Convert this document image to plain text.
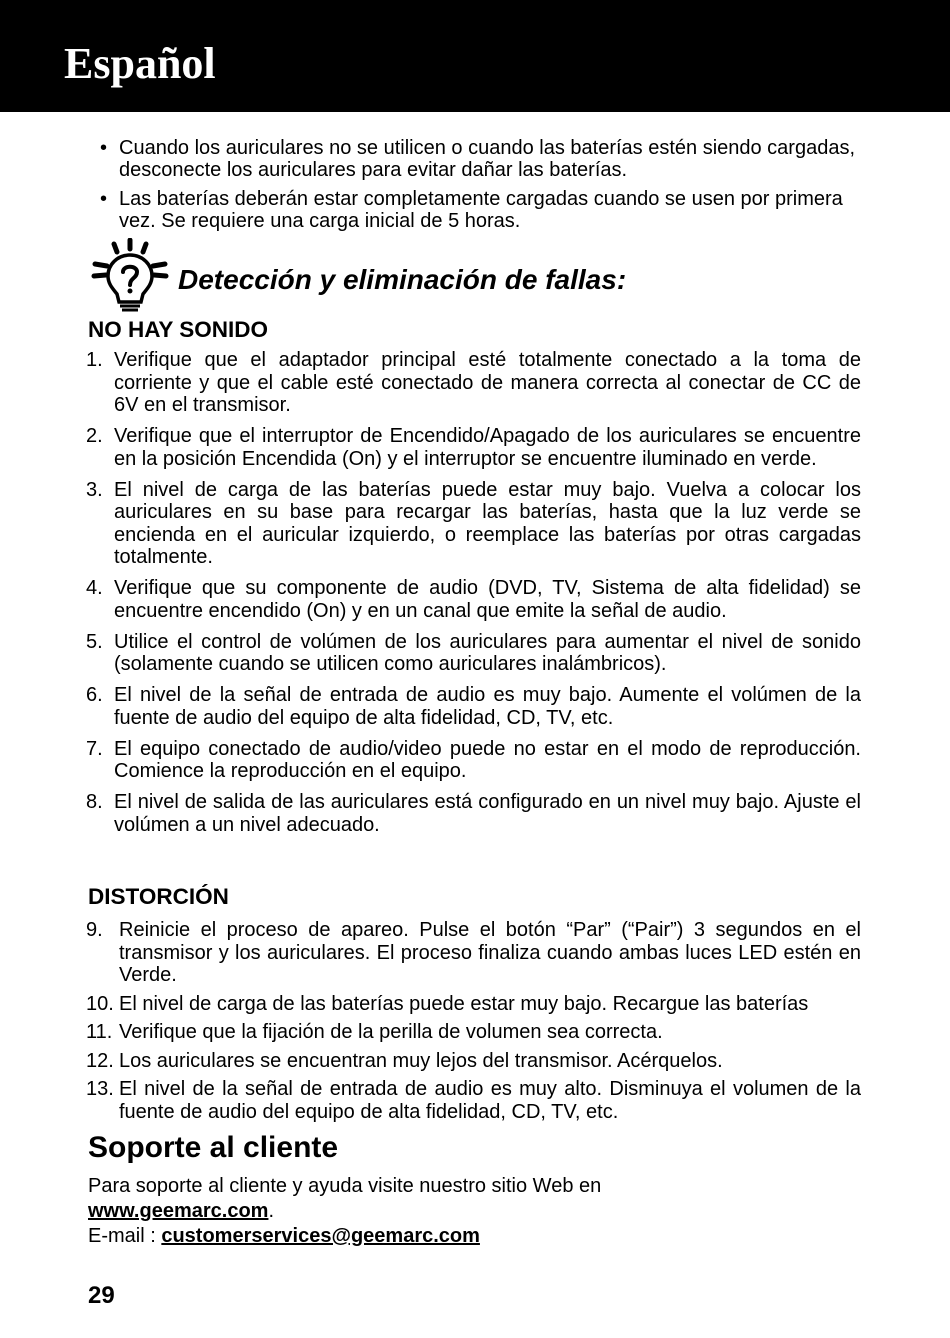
Español
• Cuando los auriculares no se utilicen o cuando las baterías estén siendo cargadas, desconecte los auriculares para evitar dañar las baterías.
• Las baterías deberán estar completamente cargadas cuando se usen por primera vez. Se requiere una carga inicial de 5 horas.
Detección y eliminación de fallas:
NO HAY SONIDO
1. Verifique que el adaptador principal esté totalmente conectado a la toma de corriente y que el cable esté conectado de manera correcta al conectar de CC de 6V en el transmisor.
2. Verifique que el interruptor de Encendido/Apagado de los auriculares se encuentre en la posición Encendida (On) y el interruptor se encuentre iluminado en verde.
3. El nivel de carga de las baterías puede estar muy bajo. Vuelva a colocar los auriculares en su base para recargar las baterías, hasta que la luz verde se encienda en el auricular izquierdo, o reemplace las baterías por otras cargadas totalmente.
4. Verifique que su componente de audio (DVD, TV, Sistema de alta fidelidad) se encuentre encendido (On) y en un canal que emite la señal de audio.
5. Utilice el control de volúmen de los auriculares para aumentar el nivel de sonido (solamente cuando se utilicen como auriculares inalámbricos).
6. El nivel de la señal de entrada de audio es muy bajo. Aumente el volúmen de la fuente de audio del equipo de alta fidelidad, CD, TV, etc.
7. El equipo conectado de audio/video puede no estar en el modo de reproducción. Comience la reproducción en el equipo.
8. El nivel de salida de las auriculares está configurado en un nivel muy bajo. Ajuste el volúmen a un nivel adecuado.
DISTORCIÓN
9. Reinicie el proceso de apareo. Pulse el botón “Par” (“Pair”) 3 segundos en el transmisor y los auriculares. El proceso finaliza cuando ambas luces LED estén en Verde.
10. El nivel de carga de las baterías puede estar muy bajo. Recargue las baterías
11. Verifique que la fijación de la perilla de volumen sea correcta.
12. Los auriculares se encuentran muy lejos del transmisor. Acérquelos.
13. El nivel de la señal de entrada de audio es muy alto. Disminuya el volumen de la fuente de audio del equipo de alta fidelidad, CD, TV, etc.
Soporte al cliente
Para soporte al cliente y ayuda visite nuestro sitio Web en
www.geemarc.com.
E-mail : customerservices@geemarc.com
29
